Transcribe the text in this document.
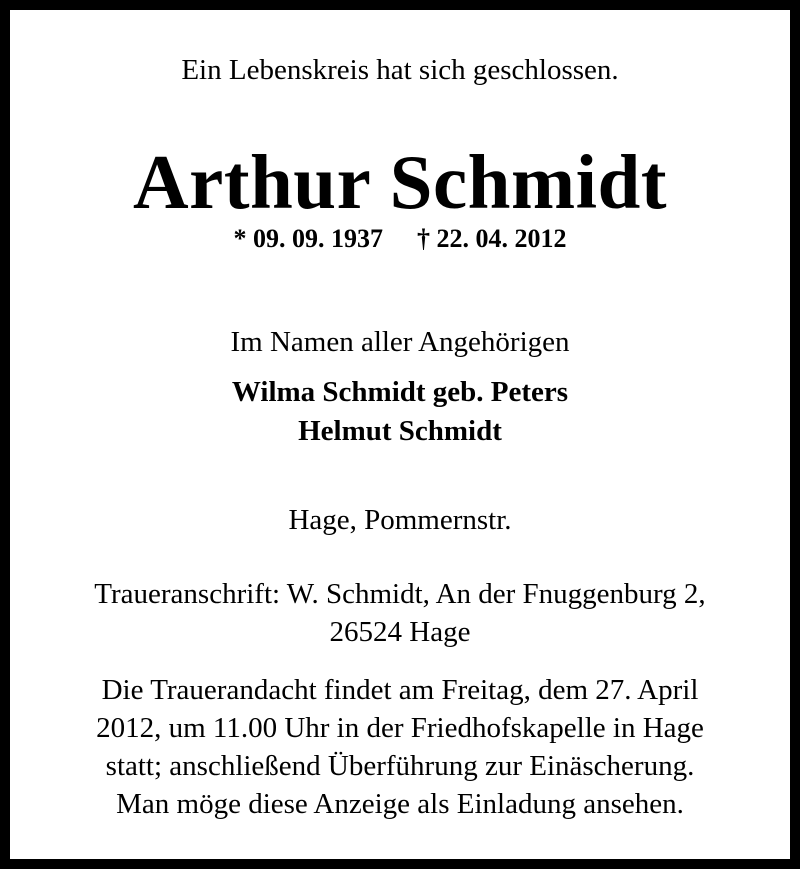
Ein Lebenskreis hat sich geschlossen.

Arthur Schmidt

* 09. 09. 1937 † 22. 04. 2012

Im Namen aller Angehörigen

Wilma Schmidt geb. Peters

Helmut Schmidt

Hage, Pommernstr.

Traueranschrift: W. Schmidt, An der Fnuggenburg 2,

26524 Hage

Die Trauerandacht findet am Freitag, dem 27. April

2012, um 11.00 Uhr in der Friedhofskapelle in Hage

statt; anschließend Überführung zur Einäscherung.

Man möge diese Anzeige als Einladung ansehen.
